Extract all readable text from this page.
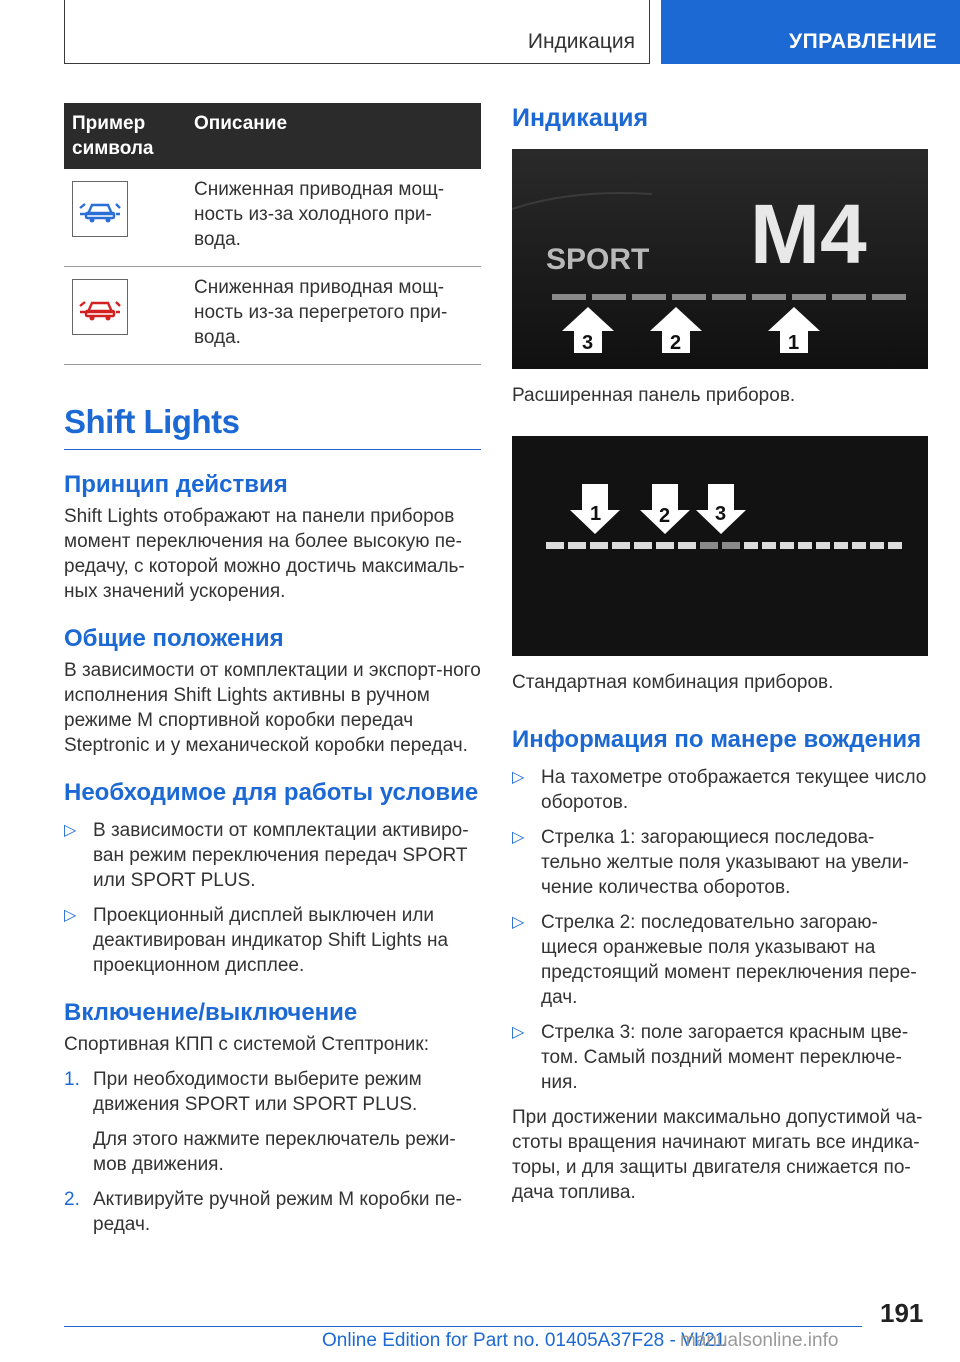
Индикация	УПРАВЛЕНИЕ
Пример символа	Описание

	Сниженная приводная мощ-ность из-за холодного при-вода.

	Сниженная приводная мощ-ность из-за перегретого при-вода.
Shift Lights
Принцип действия

Shift Lights отображают на панели приборов момент переключения на более высокую пе-редачу, с которой можно достичь максималь-ных значений ускорения.

Общие положения

В зависимости от комплектации и экспорт-ного исполнения Shift Lights активны в ручном режиме M спортивной коробки передач Steptronic и у механической коробки передач.

Необходимое для работы условие
▷ В зависимости от комплектации активиро-ван режим переключения передач SPORT или SPORT PLUS.
▷ Проекционный дисплей выключен или деактивирован индикатор Shift Lights на проекционном дисплее.
Включение/выключение

Спортивная КПП с системой Стептроник:

1. При необходимости выберите режим движения SPORT или SPORT PLUS.
Для этого нажмите переключатель режи-мов движения.
2. Активируйте ручной режим M коробки пе-редач.
Индикация
SPORT M4
3	2	1
Расширенная панель приборов.
1	2 3
Стандартная комбинация приборов.
Информация по манере вождения
▷ На тахометре отображается текущее число оборотов.
▷ Стрелка 1: загорающиеся последова-тельно желтые поля указывают на увели-чение количества оборотов.
▷ Стрелка 2: последовательно загораю-щиеся оранжевые поля указывают на предстоящий момент переключения пере-дач.
▷ Стрелка 3: поле загорается красным цве-том. Самый поздний момент переключе-ния.

При достижении максимально допустимой ча-стоты вращения начинают мигать все индика-торы, и для защиты двигателя снижается по-дача топлива.

191
Online Edition for Part no. 01405A37F28 - VI/21
manualsonline.info
